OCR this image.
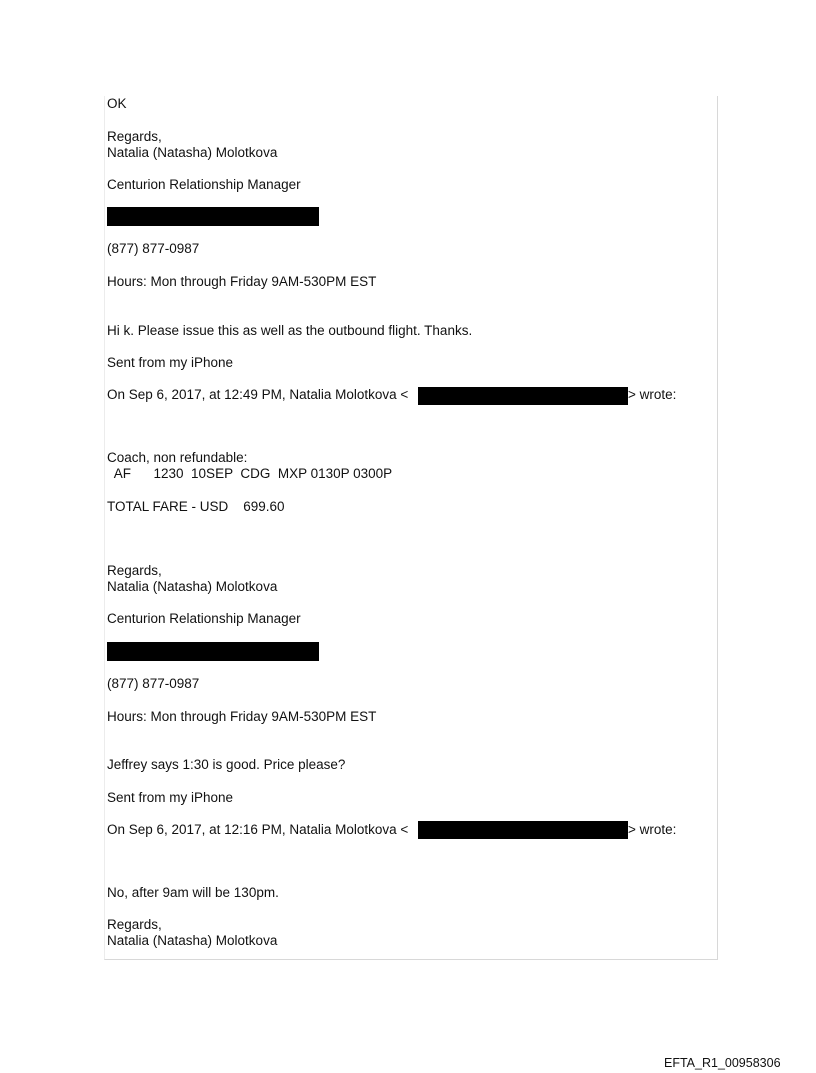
OK
Regards,
Natalia (Natasha) Molotkova
Centurion Relationship Manager
(877) 877-0987
Hours: Mon through Friday 9AM-530PM EST
Hi k. Please issue this as well as the outbound flight. Thanks.
Sent from my iPhone
On Sep 6, 2017, at 12:49 PM, Natalia Molotkova <	> wrote:
Coach, non refundable:
AF      1230  10SEP  CDG  MXP 0130P 0300P
TOTAL FARE - USD    699.60
Regards,
Natalia (Natasha) Molotkova
Centurion Relationship Manager
(877) 877-0987
Hours: Mon through Friday 9AM-530PM EST
Jeffrey says 1:30 is good. Price please?
Sent from my iPhone
On Sep 6, 2017, at 12:16 PM, Natalia Molotkova <	> wrote:
No, after 9am will be 130pm.
Regards,
Natalia (Natasha) Molotkova
EFTA_R1_00958306
